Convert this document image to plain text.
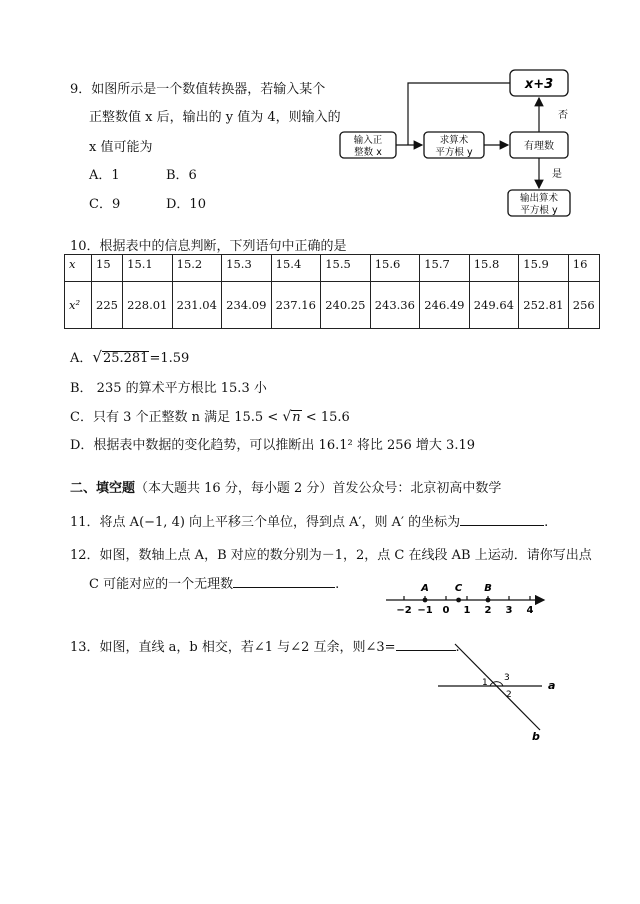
9．如图所示是一个数值转换器，若输入某个
正整数值 x 后，输出的 y 值为 4，则输入的
x 值可能为
A．1	B．6
C．9	D．10
x+3
输入正
整数 x
求算术
平方根 y
有理数
输出算术
平方根 y
否
是
10．根据表中的信息判断，下列语句中正确的是
x	15	15.1	15.2	15.3	15.4	15.5	15.6	15.7	15.8	15.9	16
x²	225	228.01	231.04	234.09	237.16	240.25	243.36	246.49	249.64	252.81	256
A．√25.281=1.59
B． 235 的算术平方根比 15.3 小
C．只有 3 个正整数 n 满足 15.5 < √n < 15.6
D．根据表中数据的变化趋势，可以推断出 16.1² 将比 256 增大 3.19
二、填空题（本大题共 16 分，每小题 2 分）首发公众号：北京初高中数学
11．将点 A(−1, 4) 向上平移三个单位，得到点 A′，则 A′ 的坐标为	.
12．如图，数轴上点 A，B 对应的数分别为－1，2，点 C 在线段 AB 上运动．请你写出点
C 可能对应的一个无理数	.
−2 −1 0 1 2 3 4
A	C B
13．如图，直线 a，b 相交，若∠1 与∠2 互余，则∠3=	.
a
b
1
2
3
